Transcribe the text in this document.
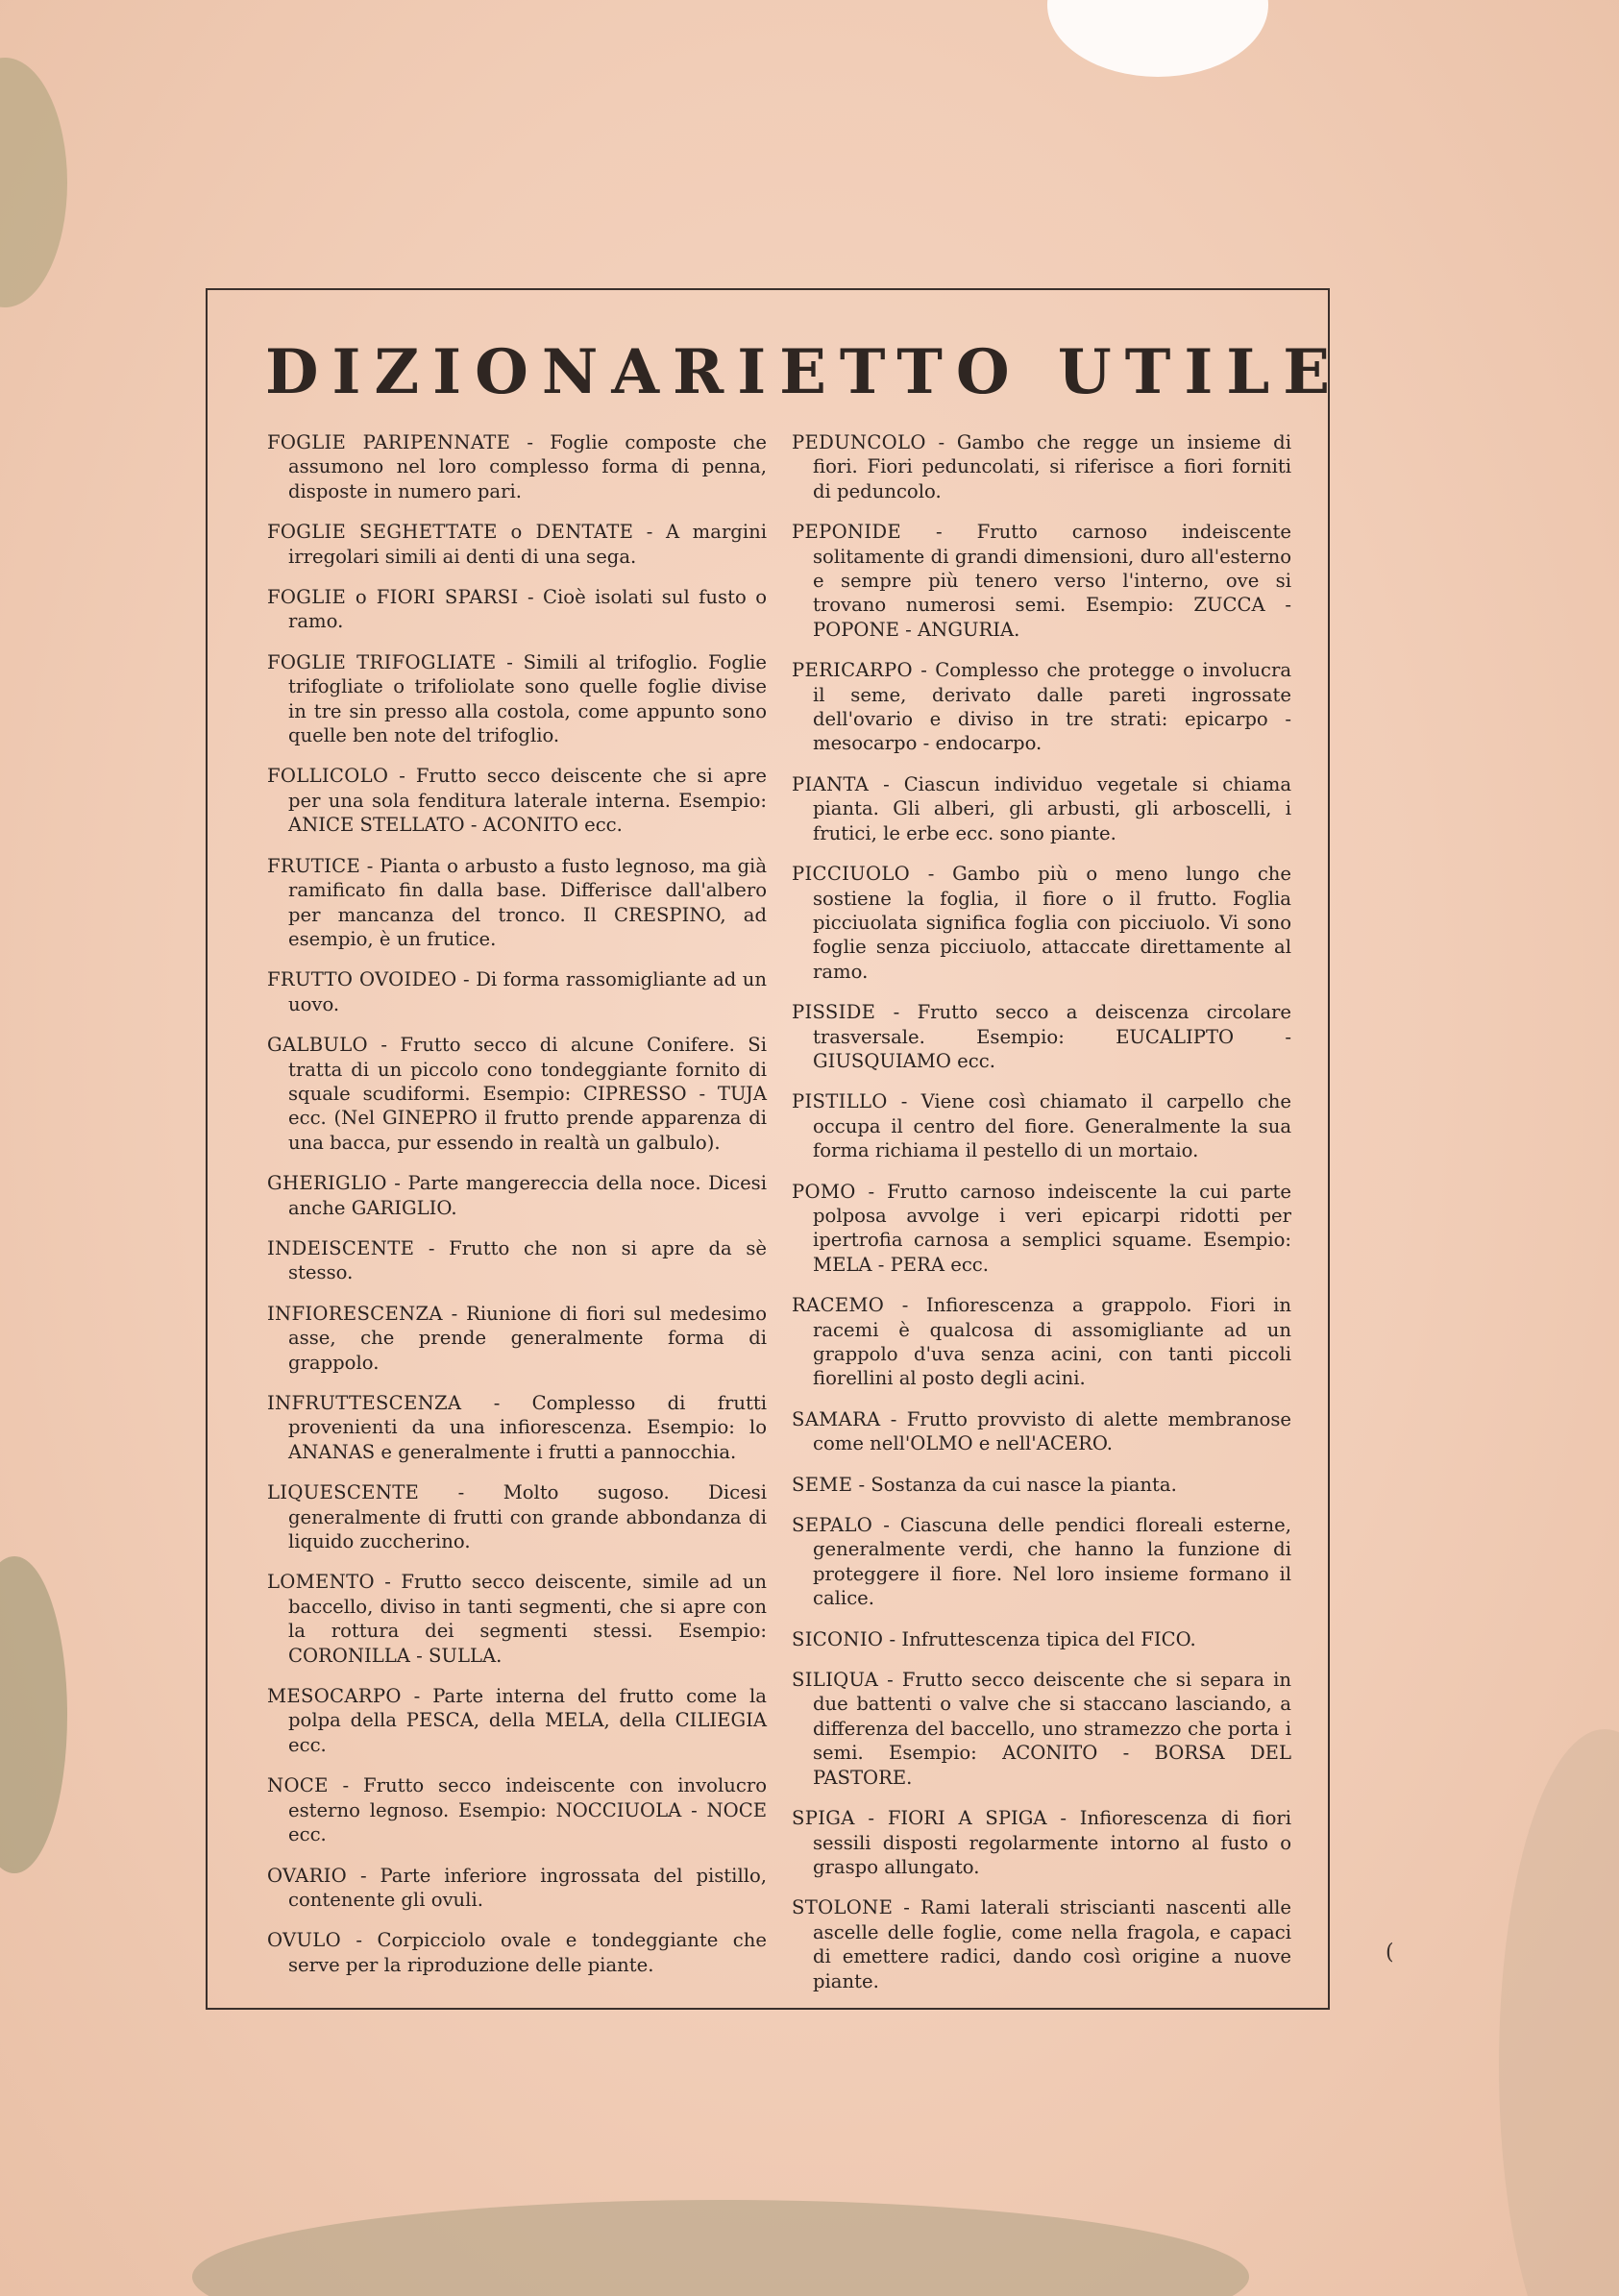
DIZIONARIETTO UTILE

FOGLIE PARIPENNATE - Foglie composte che assumono nel loro complesso forma di penna, disposte in numero pari.

FOGLIE SEGHETTATE o DENTATE - A margini irregolari simili ai denti di una sega.

FOGLIE o FIORI SPARSI - Cioè isolati sul fusto o ramo.

FOGLIE TRIFOGLIATE - Simili al trifoglio. Foglie trifogliate o trifoliolate sono quelle foglie divise in tre sin presso alla costola, come appunto sono quelle ben note del trifoglio.

FOLLICOLO - Frutto secco deiscente che si apre per una sola fenditura laterale interna. Esempio: ANICE STELLATO - ACONITO ecc.

FRUTICE - Pianta o arbusto a fusto legnoso, ma già ramificato fin dalla base. Differisce dall'albero per mancanza del tronco. Il CRESPINO, ad esempio, è un frutice.

FRUTTO OVOIDEO - Di forma rassomigliante ad un uovo.

GALBULO - Frutto secco di alcune Conifere. Si tratta di un piccolo cono tondeggiante fornito di squale scudiformi. Esempio: CIPRESSO - TUJA ecc. (Nel GINEPRO il frutto prende apparenza di una bacca, pur essendo in realtà un galbulo).

GHERIGLIO - Parte mangereccia della noce. Dicesi anche GARIGLIO.

INDEISCENTE - Frutto che non si apre da sè stesso.

INFIORESCENZA - Riunione di fiori sul medesimo asse, che prende generalmente forma di grappolo.

INFRUTTESCENZA - Complesso di frutti provenienti da una infiorescenza. Esempio: lo ANANAS e generalmente i frutti a pannocchia.

LIQUESCENTE - Molto sugoso. Dicesi generalmente di frutti con grande abbondanza di liquido zuccherino.

LOMENTO - Frutto secco deiscente, simile ad un baccello, diviso in tanti segmenti, che si apre con la rottura dei segmenti stessi. Esempio: CORONILLA - SULLA.

MESOCARPO - Parte interna del frutto come la polpa della PESCA, della MELA, della CILIEGIA ecc.

NOCE - Frutto secco indeiscente con involucro esterno legnoso. Esempio: NOCCIUOLA - NOCE ecc.

OVARIO - Parte inferiore ingrossata del pistillo, contenente gli ovuli.

OVULO - Corpicciolo ovale e tondeggiante che serve per la riproduzione delle piante.

PEDUNCOLO - Gambo che regge un insieme di fiori. Fiori peduncolati, si riferisce a fiori forniti di peduncolo.

PEPONIDE - Frutto carnoso indeiscente solitamente di grandi dimensioni, duro all'esterno e sempre più tenero verso l'interno, ove si trovano numerosi semi. Esempio: ZUCCA - POPONE - ANGURIA.

PERICARPO - Complesso che protegge o involucra il seme, derivato dalle pareti ingrossate dell'ovario e diviso in tre strati: epicarpo - mesocarpo - endocarpo.

PIANTA - Ciascun individuo vegetale si chiama pianta. Gli alberi, gli arbusti, gli arboscelli, i frutici, le erbe ecc. sono piante.

PICCIUOLO - Gambo più o meno lungo che sostiene la foglia, il fiore o il frutto. Foglia picciuolata significa foglia con picciuolo. Vi sono foglie senza picciuolo, attaccate direttamente al ramo.

PISSIDE - Frutto secco a deiscenza circolare trasversale. Esempio: EUCALIPTO - GIUSQUIAMO ecc.

PISTILLO - Viene così chiamato il carpello che occupa il centro del fiore. Generalmente la sua forma richiama il pestello di un mortaio.

POMO - Frutto carnoso indeiscente la cui parte polposa avvolge i veri epicarpi ridotti per ipertrofia carnosa a semplici squame. Esempio: MELA - PERA ecc.

RACEMO - Infiorescenza a grappolo. Fiori in racemi è qualcosa di assomigliante ad un grappolo d'uva senza acini, con tanti piccoli fiorellini al posto degli acini.

SAMARA - Frutto provvisto di alette membranose come nell'OLMO e nell'ACERO.

SEME - Sostanza da cui nasce la pianta.

SEPALO - Ciascuna delle pendici floreali esterne, generalmente verdi, che hanno la funzione di proteggere il fiore. Nel loro insieme formano il calice.

SICONIO - Infruttescenza tipica del FICO.

SILIQUA - Frutto secco deiscente che si separa in due battenti o valve che si staccano lasciando, a differenza del baccello, uno stramezzo che porta i semi. Esempio: ACONITO - BORSA DEL PASTORE.

SPIGA - FIORI A SPIGA - Infiorescenza di fiori sessili disposti regolarmente intorno al fusto o graspo allungato.

STOLONE - Rami laterali striscianti nascenti alle ascelle delle foglie, come nella fragola, e capaci di emettere radici, dando così origine a nuove piante.

(
